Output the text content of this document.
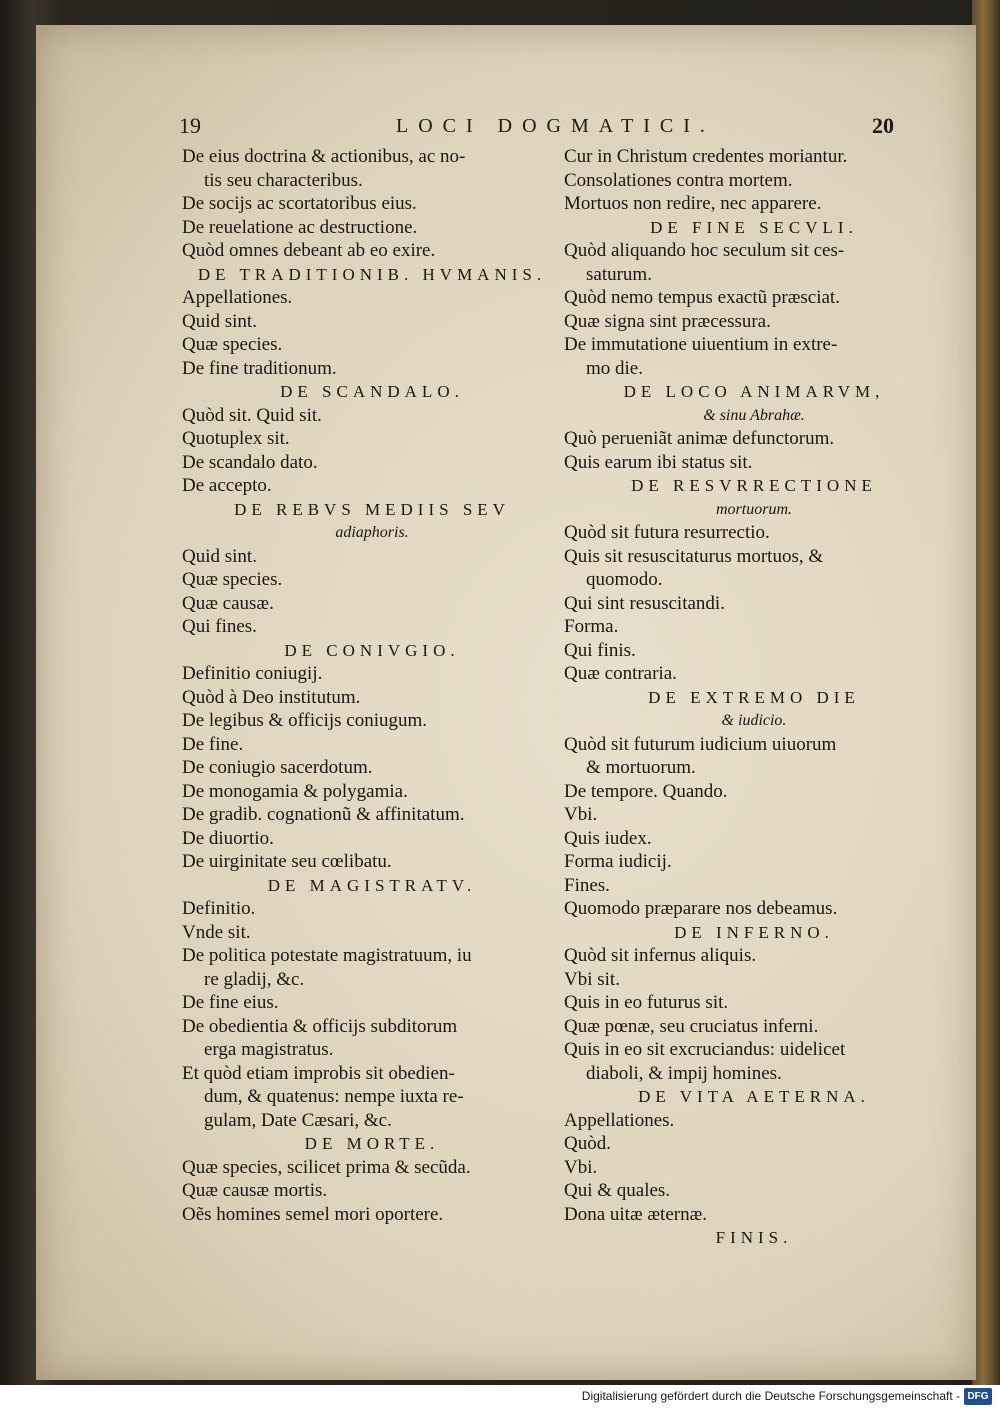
19	LOCI DOGMATICI.	20
De eius doctrina & actionibus, ac no-
tis seu characteribus.
De socijs ac scortatoribus eius.
De reuelatione ac destructione.
Quòd omnes debeant ab eo exire.
DE TRADITIONIB. HVMANIS.
Appellationes.
Quid sint.
Quæ species.
De fine traditionum.
DE SCANDALO.
Quòd sit. Quid sit.
Quotuplex sit.
De scandalo dato.
De accepto.
DE REBVS MEDIIS SEV
adiaphoris.
Quid sint.
Quæ species.
Quæ causæ.
Qui fines.
DE CONIVGIO.
Definitio coniugij.
Quòd à Deo institutum.
De legibus & officijs coniugum.
De fine.
De coniugio sacerdotum.
De monogamia & polygamia.
De gradib. cognationũ & affinitatum.
De diuortio.
De uirginitate seu cœlibatu.
DE MAGISTRATV.
Definitio.
Vnde sit.
De politica potestate magistratuum, iu
re gladij, &c.
De fine eius.
De obedientia & officijs subditorum
erga magistratus.
Et quòd etiam improbis sit obedien-
dum, & quatenus: nempe iuxta re-
gulam, Date Cæsari, &c.
DE MORTE.
Quæ species, scilicet prima & secũda.
Quæ causæ mortis.
Oẽs homines semel mori oportere.
Cur in Christum credentes moriantur.
Consolationes contra mortem.
Mortuos non redire, nec apparere.
DE FINE SECVLI.
Quòd aliquando hoc seculum sit ces-
saturum.
Quòd nemo tempus exactũ præsciat.
Quæ signa sint præcessura.
De immutatione uiuentium in extre-
mo die.
DE LOCO ANIMARVM,
& sinu Abrahæ.
Quò perueniãt animæ defunctorum.
Quis earum ibi status sit.
DE RESVRRECTIONE
mortuorum.
Quòd sit futura resurrectio.
Quis sit resuscitaturus mortuos, &
quomodo.
Qui sint resuscitandi.
Forma.
Qui finis.
Quæ contraria.
DE EXTREMO DIE
& iudicio.
Quòd sit futurum iudicium uiuorum
& mortuorum.
De tempore. Quando.
Vbi.
Quis iudex.
Forma iudicij.
Fines.
Quomodo præparare nos debeamus.
DE INFERNO.
Quòd sit infernus aliquis.
Vbi sit.
Quis in eo futurus sit.
Quæ pœnæ, seu cruciatus inferni.
Quis in eo sit excruciandus: uidelicet
diaboli, & impij homines.
DE VITA AETERNA.
Appellationes.
Quòd.
Vbi.
Qui & quales.
Dona uitæ æternæ.
FINIS.
Digitalisierung gefördert durch die Deutsche Forschungsgemeinschaft - DFG
